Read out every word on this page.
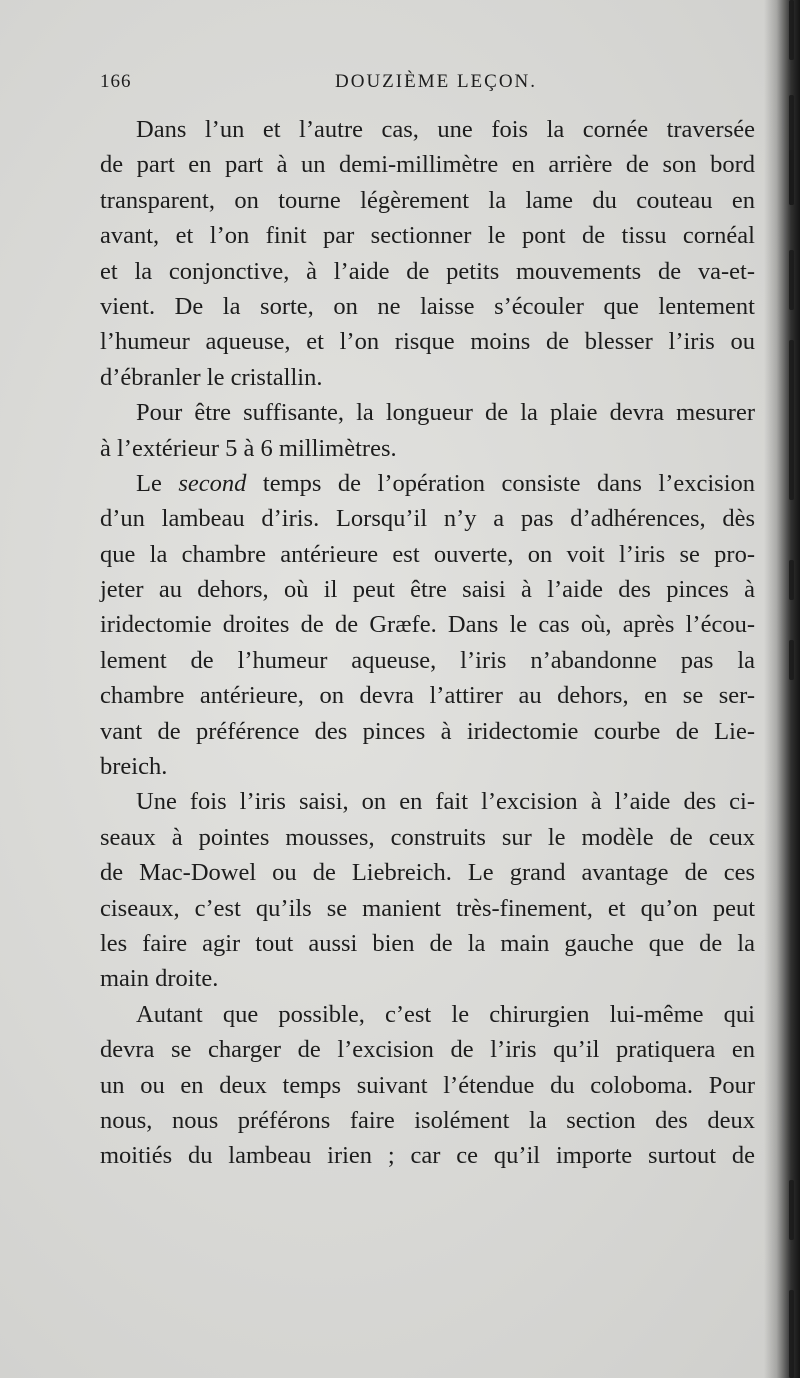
166	DOUZIÈME LEÇON.
Dans l’un et l’autre cas, une fois la cornée traversée
de part en part à un demi-millimètre en arrière de son bord
transparent, on tourne légèrement la lame du couteau en
avant, et l’on finit par sectionner le pont de tissu cornéal
et la conjonctive, à l’aide de petits mouvements de va-et-
vient. De la sorte, on ne laisse s’écouler que lentement
l’humeur aqueuse, et l’on risque moins de blesser l’iris ou
d’ébranler le cristallin.
Pour être suffisante, la longueur de la plaie devra mesurer
à l’extérieur 5 à 6 millimètres.
Le second temps de l’opération consiste dans l’excision
d’un lambeau d’iris. Lorsqu’il n’y a pas d’adhérences, dès
que la chambre antérieure est ouverte, on voit l’iris se pro-
jeter au dehors, où il peut être saisi à l’aide des pinces à
iridectomie droites de de Græfe. Dans le cas où, après l’écou-
lement de l’humeur aqueuse, l’iris n’abandonne pas la
chambre antérieure, on devra l’attirer au dehors, en se ser-
vant de préférence des pinces à iridectomie courbe de Lie-
breich.
Une fois l’iris saisi, on en fait l’excision à l’aide des ci-
seaux à pointes mousses, construits sur le modèle de ceux
de Mac-Dowel ou de Liebreich. Le grand avantage de ces
ciseaux, c’est qu’ils se manient très-finement, et qu’on peut
les faire agir tout aussi bien de la main gauche que de la
main droite.
Autant que possible, c’est le chirurgien lui-même qui
devra se charger de l’excision de l’iris qu’il pratiquera en
un ou en deux temps suivant l’étendue du coloboma. Pour
nous, nous préférons faire isolément la section des deux
moitiés du lambeau irien ; car ce qu’il importe surtout de
